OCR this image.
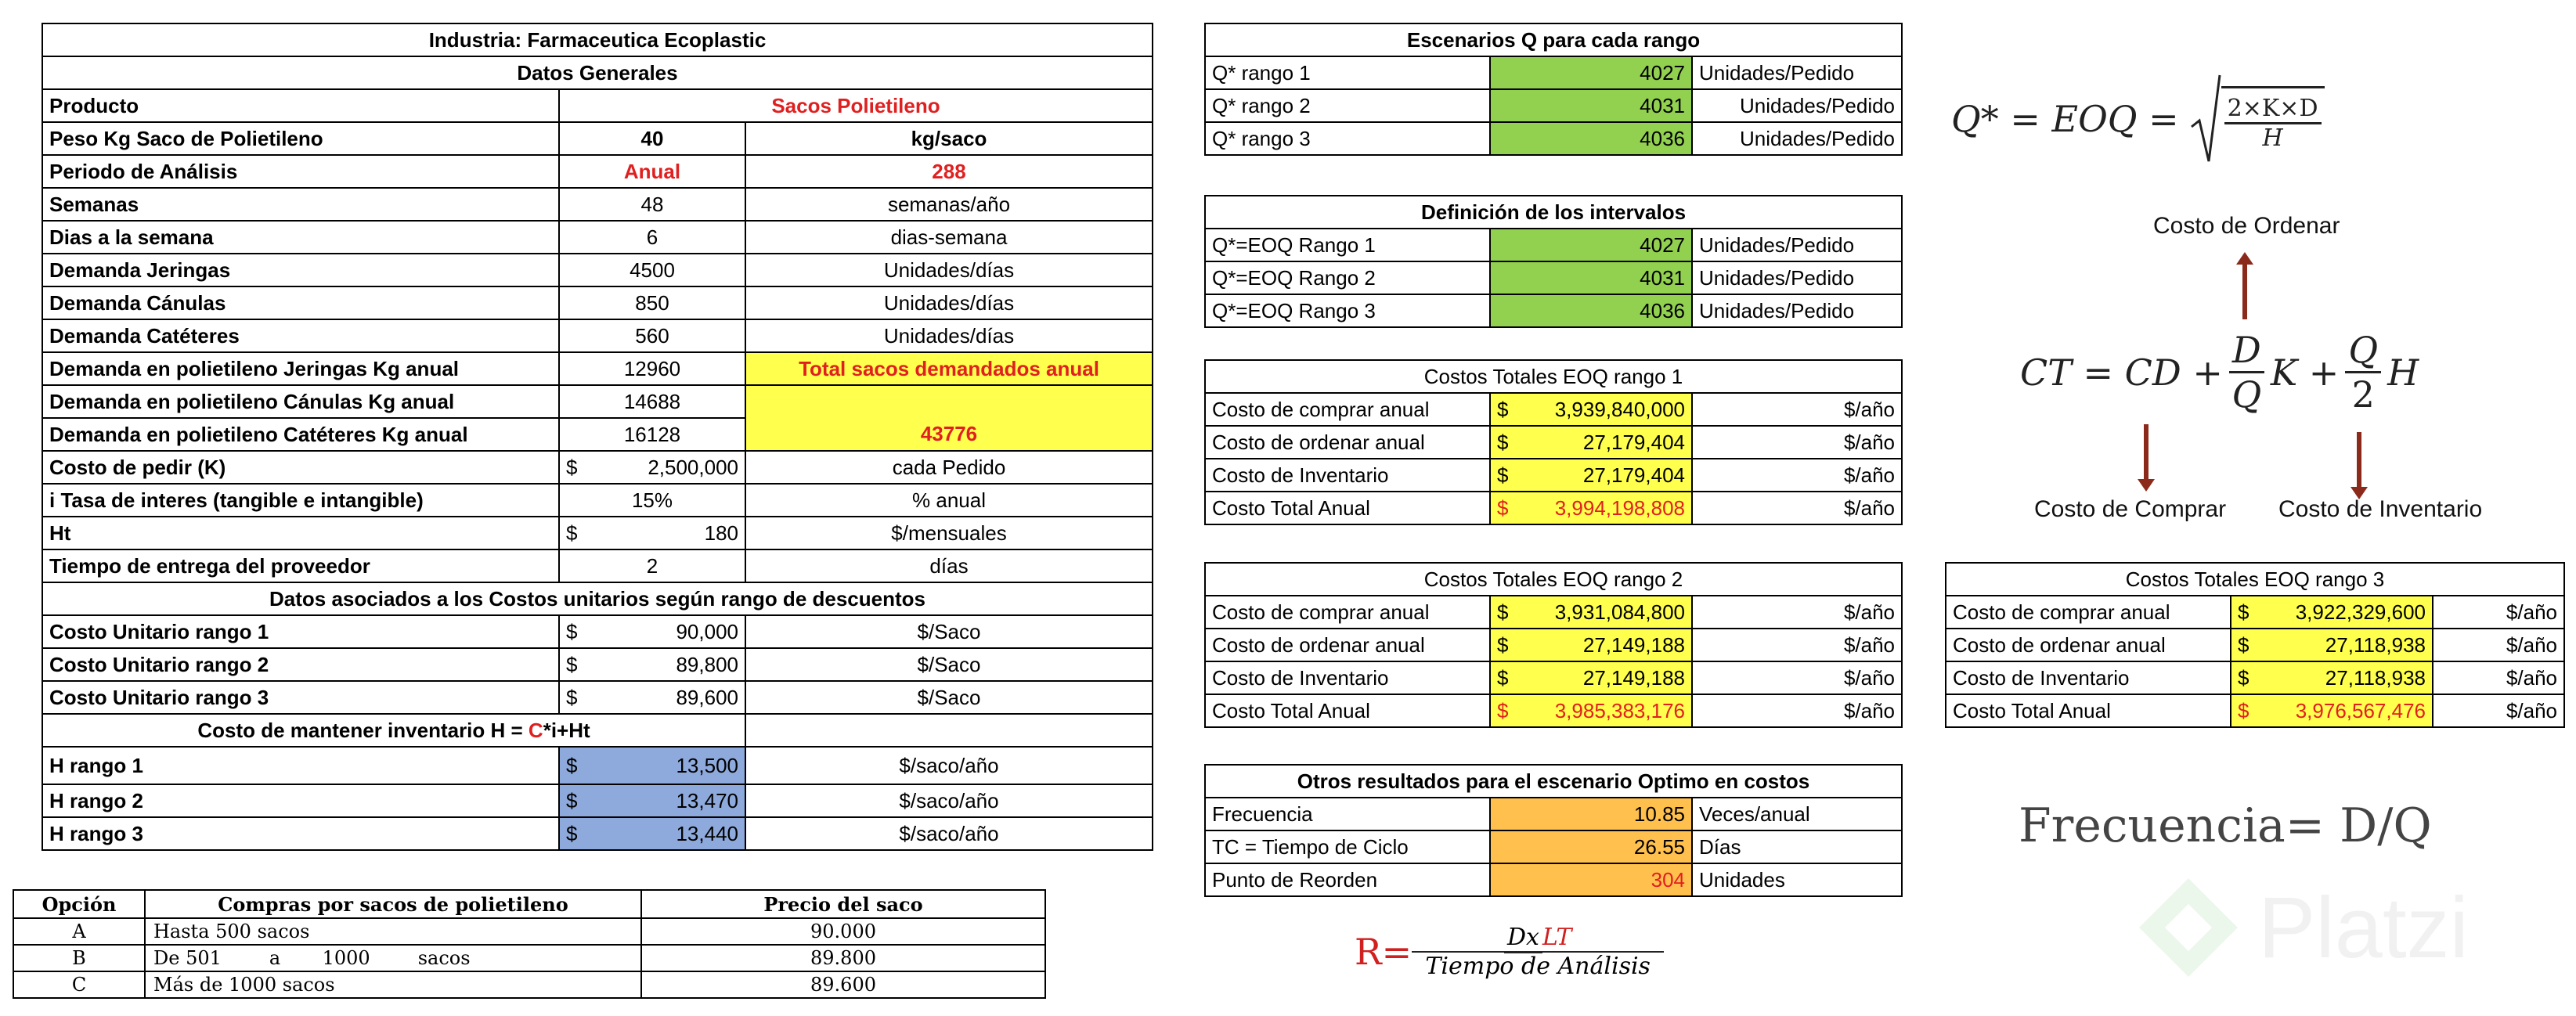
Industria: Farmaceutica Ecoplastic		
Datos Generales		
Producto	Sacos Polietileno	
Peso Kg Saco de Polietileno	40	kg/saco
Periodo de Análisis	Anual	288
Semanas	48	semanas/año
Dias a la semana	6	dias-semana
Demanda Jeringas	4500	Unidades/días
Demanda Cánulas	850	Unidades/días
Demanda Catéteres	560	Unidades/días
Demanda en polietileno Jeringas Kg anual	12960	Total sacos demandados anual
Demanda en polietileno Cánulas Kg anual	14688	
Demanda en polietileno Catéteres Kg anual	16128	43776
Costo de pedir (K)	$ 2,500,000	cada Pedido
i Tasa de interes (tangible e intangible)	15%	% anual
Ht	$ 180	$/mensuales
Tiempo de entrega del proveedor	2	días
Datos asociados a los Costos unitarios según rango de descuentos		
Costo Unitario rango 1	$ 90,000	$/Saco
Costo Unitario rango 2	$ 89,800	$/Saco
Costo Unitario rango 3	$ 89,600	$/Saco
Costo de mantener inventario H = C*i+Ht		
H rango 1	$ 13,500	$/saco/año
H rango 2	$ 13,470	$/saco/año
H rango 3	$ 13,440	$/saco/año
Opción	Compras por sacos de polietileno	Precio del saco
A	Hasta 500 sacos	90.000
B	De 501        a       1000        sacos	89.800
C	Más de 1000 sacos	89.600
Escenarios Q para cada rango		
Q* rango 1	4027	Unidades/Pedido
Q* rango 2	4031	Unidades/Pedido
Q* rango 3	4036	Unidades/Pedido
Definición de los intervalos		
Q*=EOQ Rango 1	4027	Unidades/Pedido
Q*=EOQ Rango 2	4031	Unidades/Pedido
Q*=EOQ Rango 3	4036	Unidades/Pedido
Costos Totales EOQ rango 1		
Costo de comprar anual	$ 3,939,840,000	$/año
Costo de ordenar anual	$ 27,179,404	$/año
Costo de Inventario	$ 27,179,404	$/año
Costo Total Anual	$ 3,994,198,808	$/año
Costos Totales EOQ rango 2		
Costo de comprar anual	$ 3,931,084,800	$/año
Costo de ordenar anual	$ 27,149,188	$/año
Costo de Inventario	$ 27,149,188	$/año
Costo Total Anual	$ 3,985,383,176	$/año
Otros resultados para el escenario Optimo en costos		
Frecuencia	10.85	Veces/anual
TC = Tiempo de Ciclo	26.55	Días
Punto de Reorden	304	Unidades
$R= \frac{\text{Dx LT}}{\text{Tiempo de Análisis}}$
Q* = EOQ = $\frac{2\times K\times D}{H}$
Costo de Ordenar
CT = CD + $\frac{D}{Q}$ $K + \frac{Q}{2}$ H
Costo de Comprar Costo de Inventario
Costos Totales EOQ rango 3		
Costo de comprar anual	$ 3,922,329,600	$/año
Costo de ordenar anual	$ 27,118,938	$/año
Costo de Inventario	$ 27,118,938	$/año
Costo Total Anual	$ 3,976,567,476	$/año
Frecuencia= D/Q
Platzi
